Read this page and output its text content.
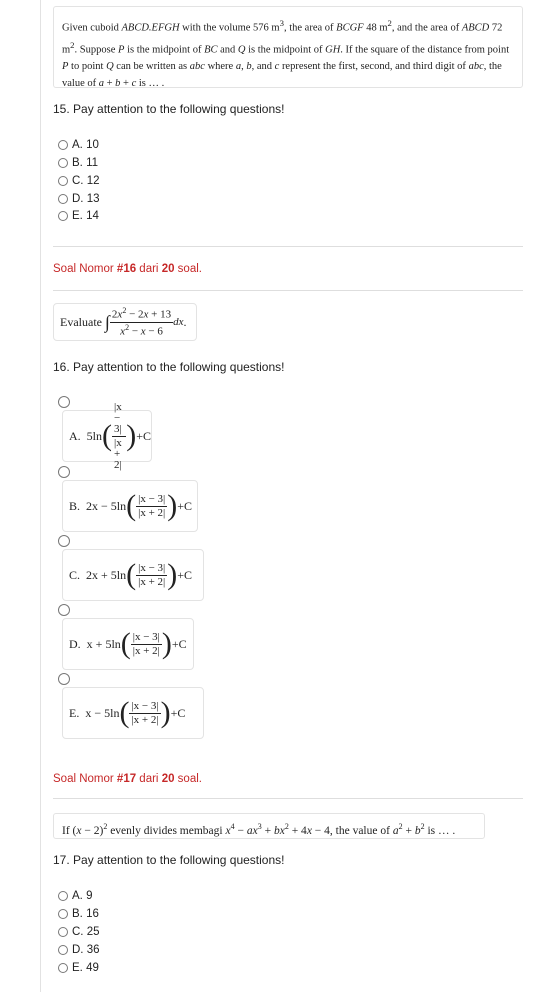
Given cuboid ABCD.EFGH with the volume 576 $m^3$, the area of BCGF 48 $m^2$, and the area of ABCD 72 $m^2$. Suppose P is the midpoint of BC and Q is the midpoint of GH. If the square of the distance from point P to point Q can be written as abc where a, b, and c represent the first, second, and third digit of abc, the value of a + b + c is … .
15. Pay attention to the following questions!
A.
10
B.
11
C.
12
D.
13
E.
14
Soal Nomor #16 dari 20 soal.
Evaluate
∫ $\frac{2x^2 - 2x + 13}{x^2 - x - 6}$ dx .
16. Pay attention to the following questions!
A.
5ln ( $\frac{|x - 3|}{|x + 2|}$ ) +C
B.
2x − 5ln ( $\frac{|x - 3|}{|x + 2|}$ ) +C
C.
2x + 5ln ( $\frac{|x - 3|}{|x + 2|}$ ) +C
D.
x + 5ln ( $\frac{|x - 3|}{|x + 2|}$ ) +C
E.
x − 5ln ( $\frac{|x - 3|}{|x + 2|}$ ) +C
Soal Nomor #17 dari 20 soal.
If $(x - 2)^2$ evenly divides membagi $x^4 - ax^3 + bx^2 + 4x - 4$, the value of $a^2 + b^2$ is … .
17. Pay attention to the following questions!
A.
9
B.
16
C.
25
D.
36
E.
49
